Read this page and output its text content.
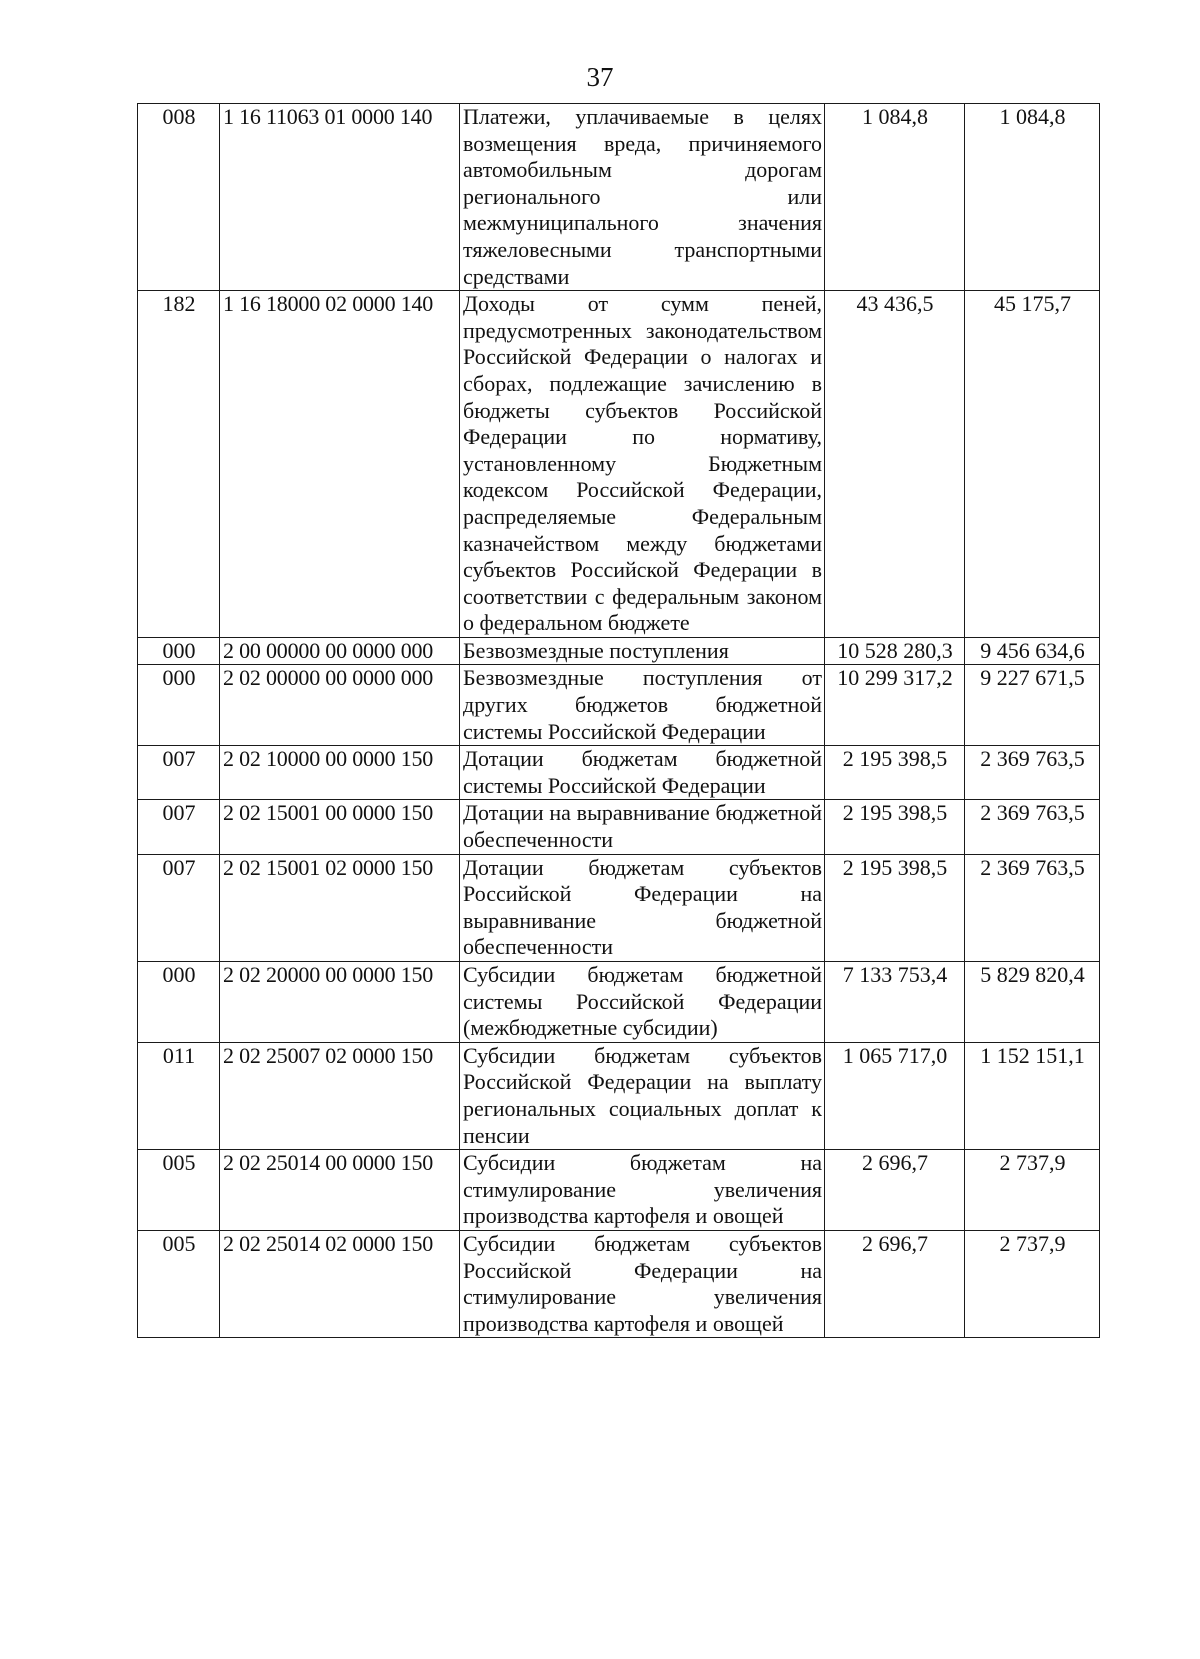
37
008	1 16 11063 01 0000 140	Платежи, уплачиваемые в целях возмещения вреда, причиняемого автомобильным дорогам регионального или межмуниципального значения тяжеловесными транспортными средствами	1 084,8	1 084,8
182	1 16 18000 02 0000 140	Доходы от сумм пеней, предусмотренных законодательством Российской Федерации о налогах и сборах, подлежащие зачислению в бюджеты субъектов Российской Федерации по нормативу, установленному Бюджетным кодексом Российской Федерации, распределяемые Федеральным казначейством между бюджетами субъектов Российской Федерации в соответствии с федеральным законом о федеральном бюджете	43 436,5	45 175,7
000	2 00 00000 00 0000 000	Безвозмездные поступления	10 528 280,3	9 456 634,6
000	2 02 00000 00 0000 000	Безвозмездные поступления от других бюджетов бюджетной системы Российской Федерации	10 299 317,2	9 227 671,5
007	2 02 10000 00 0000 150	Дотации бюджетам бюджетной системы Российской Федерации	2 195 398,5	2 369 763,5
007	2 02 15001 00 0000 150	Дотации на выравнивание бюджетной обеспеченности	2 195 398,5	2 369 763,5
007	2 02 15001 02 0000 150	Дотации бюджетам субъектов Российской Федерации на выравнивание бюджетной обеспеченности	2 195 398,5	2 369 763,5
000	2 02 20000 00 0000 150	Субсидии бюджетам бюджетной системы Российской Федерации (межбюджетные субсидии)	7 133 753,4	5 829 820,4
011	2 02 25007 02 0000 150	Субсидии бюджетам субъектов Российской Федерации на выплату региональных социальных доплат к пенсии	1 065 717,0	1 152 151,1
005	2 02 25014 00 0000 150	Субсидии бюджетам на стимулирование увеличения производства картофеля и овощей	2 696,7	2 737,9
005	2 02 25014 02 0000 150	Субсидии бюджетам субъектов Российской Федерации на стимулирование увеличения производства картофеля и овощей	2 696,7	2 737,9
